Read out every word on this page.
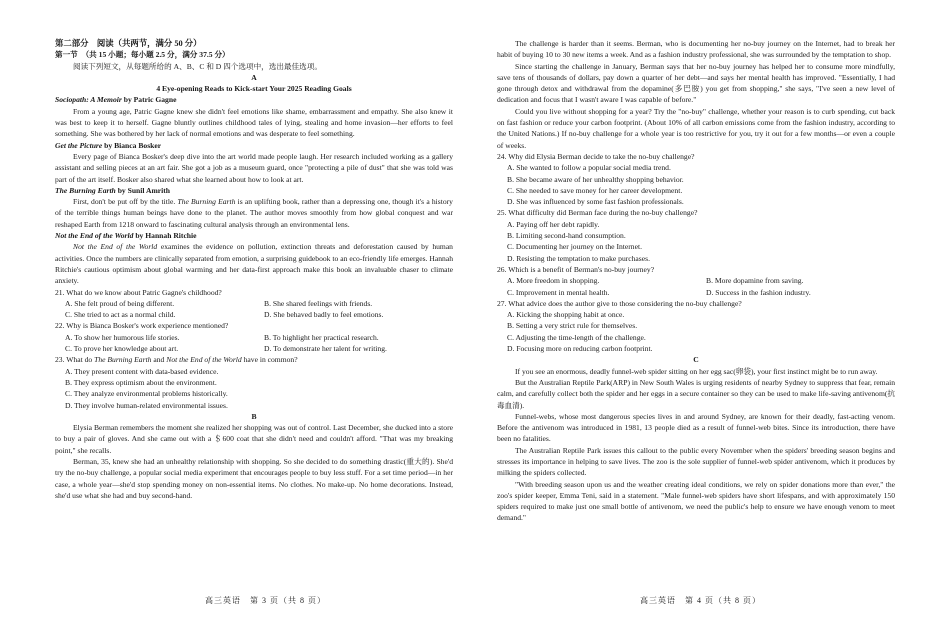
第二部分　阅读（共两节，满分 50 分）

第一节　（共 15 小题；每小题 2.5 分，满分 37.5 分）

阅读下列短文，从每题所给的 A、B、C 和 D 四个选项中，选出最佳选项。

A

4 Eye-opening Reads to Kick-start Your 2025 Reading Goals

Sociopath: A Memoir by Patric Gagne

From a young age, Patric Gagne knew she didn't feel emotions like shame, embarrassment and empathy. She also knew it was best to keep it to herself. Gagne bluntly outlines childhood tales of lying, stealing and home invasion—her efforts to feel something. She was bothered by her lack of normal emotions and was desperate to feel something.

Get the Picture by Bianca Bosker

Every page of Bianca Bosker's deep dive into the art world made people laugh. Her research included working as a gallery assistant and selling pieces at an art fair. She got a job as a museum guard, once "protecting a pile of dust" that she was told was part of the art itself. Bosker also shared what she learned about how to look at art.

The Burning Earth by Sunil Amrith

First, don't be put off by the title. The Burning Earth is an uplifting book, rather than a depressing one, though it's a history of the terrible things human beings have done to the planet. The author moves smoothly from how global conquest and war reshaped Earth from 1218 onward to fascinating cultural analysis through an environmental lens.

Not the End of the World by Hannah Ritchie

Not the End of the World examines the evidence on pollution, extinction threats and deforestation caused by human activities. Once the numbers are clinically separated from emotion, a surprising guidebook to an eco-friendly life emerges. Hannah Ritchie's cautious optimism about global warming and her data-first approach make this book an invaluable chaser to climate anxiety.

21. What do we know about Patric Gagne's childhood?

A. She felt proud of being different.	B. She shared feelings with friends.
C. She tried to act as a normal child.	D. She behaved badly to feel emotions.

22. Why is Bianca Bosker's work experience mentioned?

A. To show her humorous life stories.	B. To highlight her practical research.
C. To prove her knowledge about art.	D. To demonstrate her talent for writing.

23. What do The Burning Earth and Not the End of the World have in common?

A. They present content with data-based evidence.

B. They express optimism about the environment.

C. They analyze environmental problems historically.

D. They involve human-related environmental issues.

B

Elysia Berman remembers the moment she realized her shopping was out of control. Last December, she ducked into a store to buy a pair of gloves. And she came out with a ＄600 coat that she didn't need and couldn't afford. "That was my breaking point," she recalls.

Berman, 35, knew she had an unhealthy relationship with shopping. So she decided to do something drastic(重大的). She'd try the no-buy challenge, a popular social media experiment that encourages people to buy less stuff. For a set time period—in her case, a whole year—she'd stop spending money on non-essential items. No clothes. No make-up. No home decorations. Instead, she'd use what she had and buy second-hand.

高三英语　第 3 页（共 8 页）

The challenge is harder than it seems. Berman, who is documenting her no-buy journey on the Internet, had to break her habit of buying 10 to 30 new items a week. And as a fashion industry professional, she was surrounded by the temptation to shop.

Since starting the challenge in January, Berman says that her no-buy journey has helped her to consume more mindfully, save tens of thousands of dollars, pay down a quarter of her debt—and says her mental health has improved. "Essentially, I had gone through detox and withdrawal from the dopamine(多巴胺) you get from shopping," she says, "I've seen a new level of dedication and focus that I wasn't aware I was capable of before."

Could you live without shopping for a year? Try the "no-buy" challenge, whether your reason is to curb spending, cut back on fast fashion or reduce your carbon footprint. (About 10% of all carbon emissions come from the fashion industry, according to the United Nations.) If no-buy challenge for a whole year is too restrictive for you, try it out for a few months—or even a couple of weeks.

24. Why did Elysia Berman decide to take the no-buy challenge?

A. She wanted to follow a popular social media trend.

B. She became aware of her unhealthy shopping behavior.

C. She needed to save money for her career development.

D. She was influenced by some fast fashion professionals.

25. What difficulty did Berman face during the no-buy challenge?

A. Paying off her debt rapidly.

B. Limiting second-hand consumption.

C. Documenting her journey on the Internet.

D. Resisting the temptation to make purchases.

26. Which is a benefit of Berman's no-buy journey?

A. More freedom in shopping.	B. More dopamine from saving.
C. Improvement in mental health.	D. Success in the fashion industry.

27. What advice does the author give to those considering the no-buy challenge?

A. Kicking the shopping habit at once.

B. Setting a very strict rule for themselves.

C. Adjusting the time-length of the challenge.

D. Focusing more on reducing carbon footprint.

C

If you see an enormous, deadly funnel-web spider sitting on her egg sac(卵袋), your first instinct might be to run away.

But the Australian Reptile Park(ARP) in New South Wales is urging residents of nearby Sydney to suppress that fear, remain calm, and carefully collect both the spider and her eggs in a secure container so they can be used to make life-saving antivenom(抗毒血清).

Funnel-webs, whose most dangerous species lives in and around Sydney, are known for their deadly, fast-acting venom. Before the antivenom was introduced in 1981, 13 people died as a result of funnel-web bites. Since its introduction, there have been no fatalities.

The Australian Reptile Park issues this callout to the public every November when the spiders' breeding season begins and stresses its importance in helping to save lives. The zoo is the sole supplier of funnel-web spider antivenom, which it produces by milking the spiders collected.

"With breeding season upon us and the weather creating ideal conditions, we rely on spider donations more than ever," the zoo's spider keeper, Emma Teni, said in a statement. "Male funnel-web spiders have short lifespans, and with approximately 150 spiders required to make just one small bottle of antivenom, we need the public's help to ensure we have enough venom to meet demand."

高三英语　第 4 页（共 8 页）
